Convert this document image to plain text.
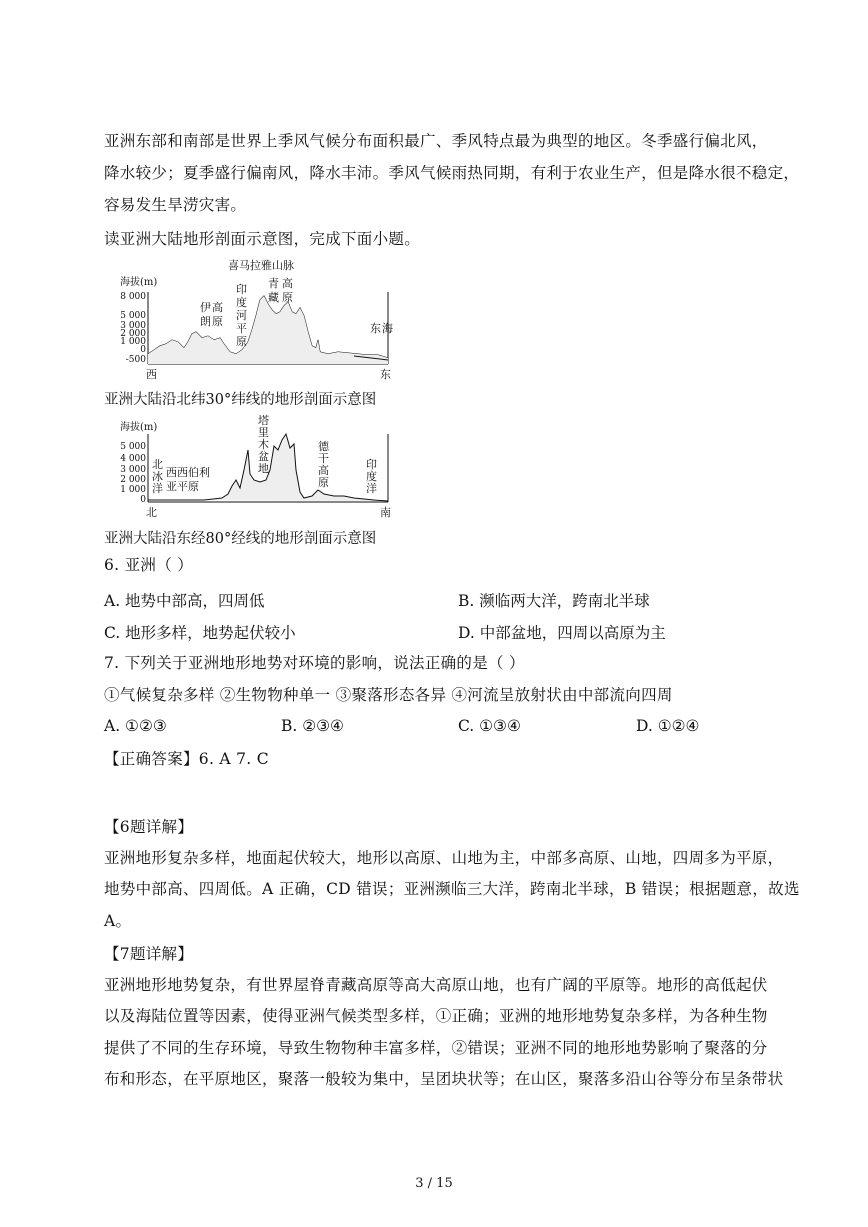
亚洲东部和南部是世界上季风气候分布面积最广、季风特点最为典型的地区。冬季盛行偏北风，
降水较少；夏季盛行偏南风，降水丰沛。季风气候雨热同期，有利于农业生产，但是降水很不稳定，
容易发生旱涝灾害。
读亚洲大陆地形剖面示意图，完成下面小题。
喜马拉雅山脉
海拔(m)
8 000
5 000
3 000
2 000
1 000
0
-500
伊朗高原
印度河平原
青藏高原
东海
西	东
亚洲大陆沿北纬30°纬线的地形剖面示意图
海拔(m)
5 000
4 000
3 000
2 000
1 000
0
北冰洋
西西伯利亚平原
塔里木盆地
德干高原
印度洋
北	南
亚洲大陆沿东经80°经线的地形剖面示意图
6. 亚洲（ ）
A. 地势中部高，四周低	B. 濒临两大洋，跨南北半球
C. 地形多样，地势起伏较小	D. 中部盆地，四周以高原为主
7. 下列关于亚洲地形地势对环境的影响，说法正确的是（ ）
①气候复杂多样 ②生物物种单一 ③聚落形态各异 ④河流呈放射状由中部流向四周
A. ①②③	B. ②③④	C. ①③④	D. ①②④
【正确答案】6. A 7. C
【6题详解】
亚洲地形复杂多样，地面起伏较大，地形以高原、山地为主，中部多高原、山地，四周多为平原，
地势中部高、四周低。A 正确，CD 错误；亚洲濒临三大洋，跨南北半球，B 错误；根据题意，故选
A。
【7题详解】
亚洲地形地势复杂，有世界屋脊青藏高原等高大高原山地，也有广阔的平原等。地形的高低起伏
以及海陆位置等因素，使得亚洲气候类型多样，①正确；亚洲的地形地势复杂多样，为各种生物
提供了不同的生存环境，导致生物物种丰富多样，②错误；亚洲不同的地形地势影响了聚落的分
布和形态，在平原地区，聚落一般较为集中，呈团块状等；在山区，聚落多沿山谷等分布呈条带状
3 / 15
